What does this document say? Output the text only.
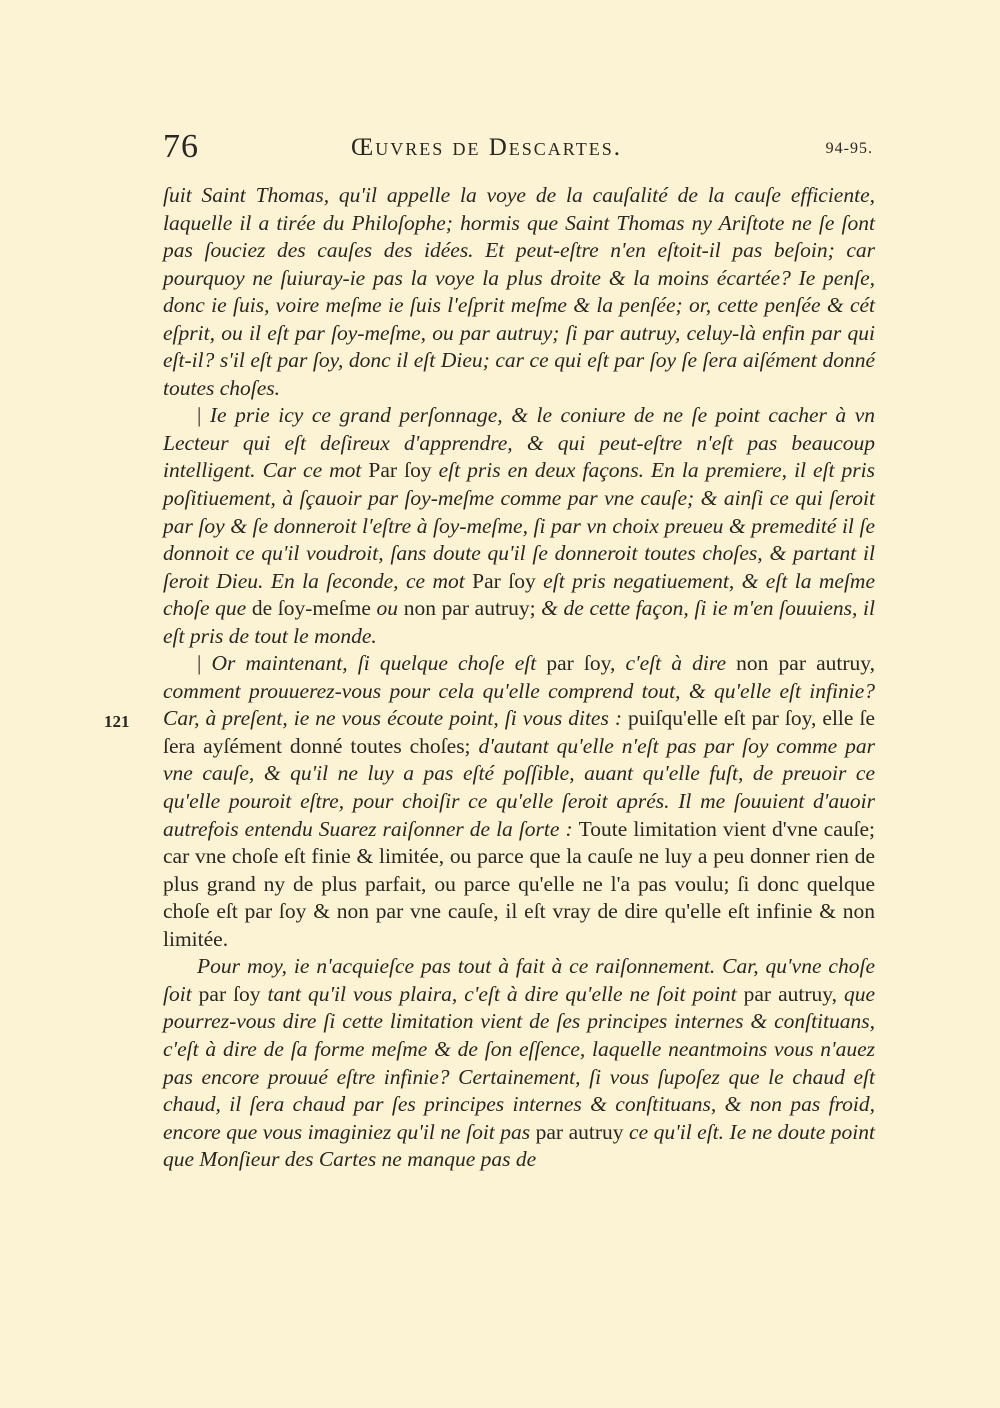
76	Œuvres de Descartes.	94-95.
121

ſuit Saint Thomas, qu'il appelle la voye de la cauſalité de la cauſe efficiente, laquelle il a tirée du Philoſophe; hormis que Saint Thomas ny Ariſtote ne ſe ſont pas ſouciez des cauſes des idées. Et peut-eſtre n'en eſtoit-il pas beſoin; car pourquoy ne ſuiuray-ie pas la voye la plus droite & la moins écartée? Ie penſe, donc ie ſuis, voire meſme ie ſuis l'eſprit meſme & la penſée; or, cette penſée & cét eſprit, ou il eſt par ſoy-meſme, ou par autruy; ſi par autruy, celuy-là enfin par qui eſt-il? s'il eſt par ſoy, donc il eſt Dieu; car ce qui eſt par ſoy ſe ſera aiſément donné toutes choſes.

| Ie prie icy ce grand perſonnage, & le coniure de ne ſe point cacher à vn Lecteur qui eſt deſireux d'apprendre, & qui peut-eſtre n'eſt pas beaucoup intelligent. Car ce mot Par ſoy eſt pris en deux façons. En la premiere, il eſt pris poſitiuement, à ſçauoir par ſoy-meſme comme par vne cauſe; & ainſi ce qui ſeroit par ſoy & ſe donneroit l'eſtre à ſoy-meſme, ſi par vn choix preueu & premedité il ſe donnoit ce qu'il voudroit, ſans doute qu'il ſe donneroit toutes choſes, & partant il ſeroit Dieu. En la ſeconde, ce mot Par ſoy eſt pris negatiuement, & eſt la meſme choſe que de ſoy-meſme ou non par autruy; & de cette façon, ſi ie m'en ſouuiens, il eſt pris de tout le monde.

| Or maintenant, ſi quelque choſe eſt par ſoy, c'eſt à dire non par autruy, comment prouuerez-vous pour cela qu'elle comprend tout, & qu'elle eſt infinie? Car, à preſent, ie ne vous écoute point, ſi vous dites : puiſqu'elle eſt par ſoy, elle ſe ſera ayſément donné toutes choſes; d'autant qu'elle n'eſt pas par ſoy comme par vne cauſe, & qu'il ne luy a pas eſté poſſible, auant qu'elle fuſt, de preuoir ce qu'elle pouroit eſtre, pour choiſir ce qu'elle ſeroit aprés. Il me ſouuient d'auoir autrefois entendu Suarez raiſonner de la ſorte : Toute limitation vient d'vne cauſe; car vne choſe eſt finie & limitée, ou parce que la cauſe ne luy a peu donner rien de plus grand ny de plus parfait, ou parce qu'elle ne l'a pas voulu; ſi donc quelque choſe eſt par ſoy & non par vne cauſe, il eſt vray de dire qu'elle eſt infinie & non limitée.

Pour moy, ie n'acquieſce pas tout à fait à ce raiſonnement. Car, qu'vne choſe ſoit par ſoy tant qu'il vous plaira, c'eſt à dire qu'elle ne ſoit point par autruy, que pourrez-vous dire ſi cette limitation vient de ſes principes internes & conſtituans, c'eſt à dire de ſa forme meſme & de ſon eſſence, laquelle neantmoins vous n'auez pas encore prouué eſtre infinie? Certainement, ſi vous ſupoſez que le chaud eſt chaud, il ſera chaud par ſes principes internes & conſtituans, & non pas froid, encore que vous imaginiez qu'il ne ſoit pas par autruy ce qu'il eſt. Ie ne doute point que Monſieur des Cartes ne manque pas de
